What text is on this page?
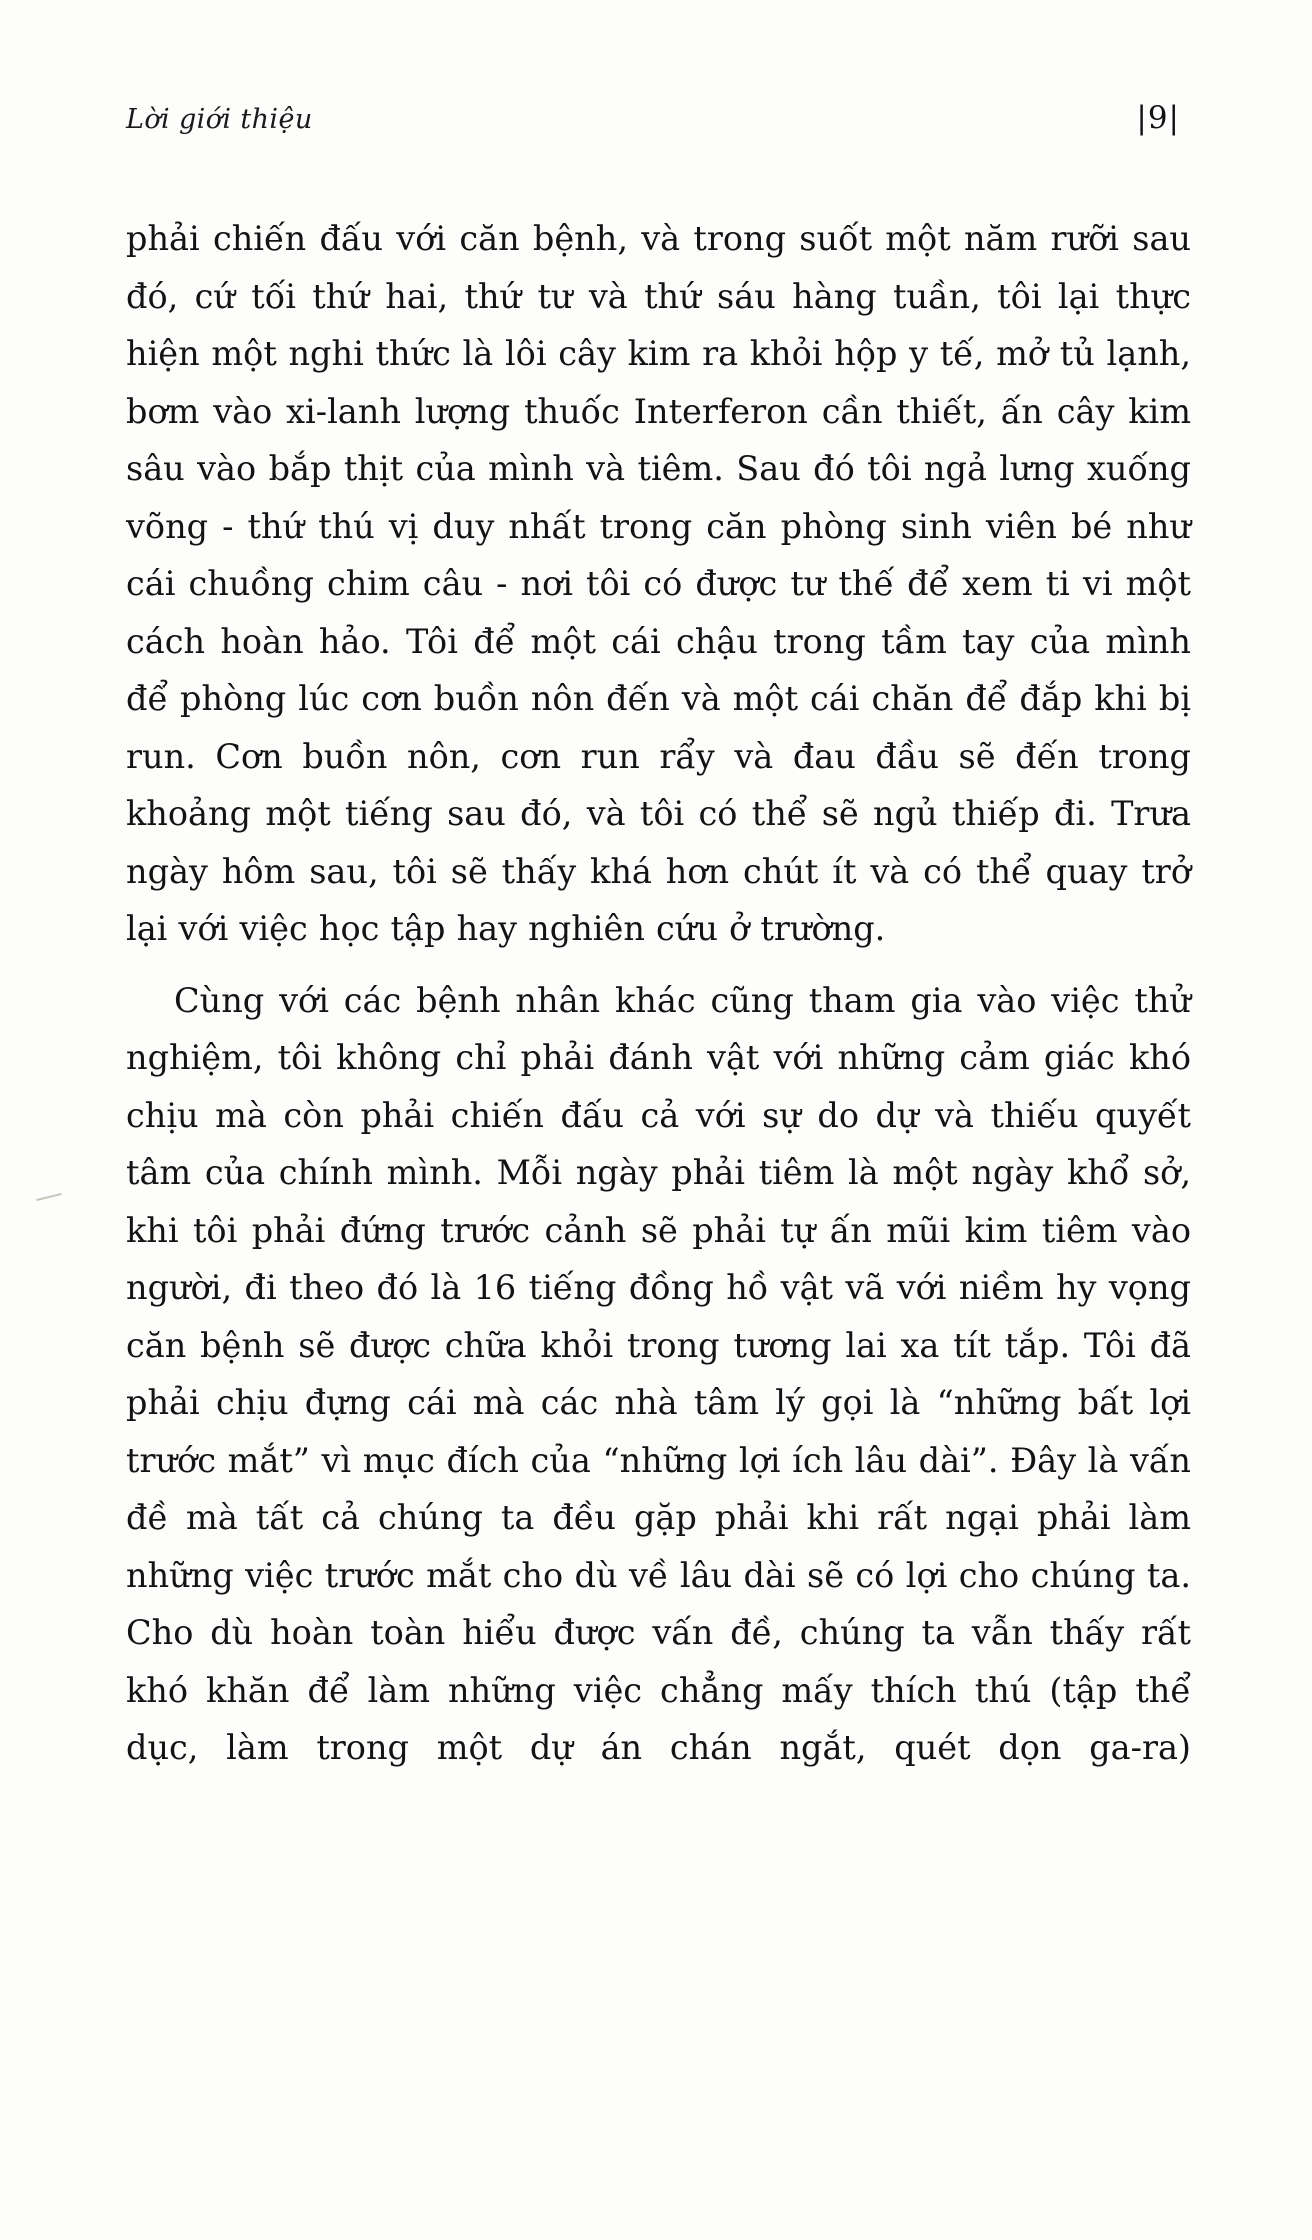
Lời giới thiệu	|9|

phải chiến đấu với căn bệnh, và trong suốt một năm rưỡi sau đó, cứ tối thứ hai, thứ tư và thứ sáu hàng tuần, tôi lại thực hiện một nghi thức là lôi cây kim ra khỏi hộp y tế, mở tủ lạnh, bơm vào xi-lanh lượng thuốc Interferon cần thiết, ấn cây kim sâu vào bắp thịt của mình và tiêm. Sau đó tôi ngả lưng xuống võng - thứ thú vị duy nhất trong căn phòng sinh viên bé như cái chuồng chim câu - nơi tôi có được tư thế để xem ti vi một cách hoàn hảo. Tôi để một cái chậu trong tầm tay của mình để phòng lúc cơn buồn nôn đến và một cái chăn để đắp khi bị run. Cơn buồn nôn, cơn run rẩy và đau đầu sẽ đến trong khoảng một tiếng sau đó, và tôi có thể sẽ ngủ thiếp đi. Trưa ngày hôm sau, tôi sẽ thấy khá hơn chút ít và có thể quay trở lại với việc học tập hay nghiên cứu ở trường.

Cùng với các bệnh nhân khác cũng tham gia vào việc thử nghiệm, tôi không chỉ phải đánh vật với những cảm giác khó chịu mà còn phải chiến đấu cả với sự do dự và thiếu quyết tâm của chính mình. Mỗi ngày phải tiêm là một ngày khổ sở, khi tôi phải đứng trước cảnh sẽ phải tự ấn mũi kim tiêm vào người, đi theo đó là 16 tiếng đồng hồ vật vã với niềm hy vọng căn bệnh sẽ được chữa khỏi trong tương lai xa tít tắp. Tôi đã phải chịu đựng cái mà các nhà tâm lý gọi là “những bất lợi trước mắt” vì mục đích của “những lợi ích lâu dài”. Đây là vấn đề mà tất cả chúng ta đều gặp phải khi rất ngại phải làm những việc trước mắt cho dù về lâu dài sẽ có lợi cho chúng ta. Cho dù hoàn toàn hiểu được vấn đề, chúng ta vẫn thấy rất khó khăn để làm những việc chẳng mấy thích thú (tập thể dục, làm trong một dự án chán ngắt, quét dọn ga-ra)
